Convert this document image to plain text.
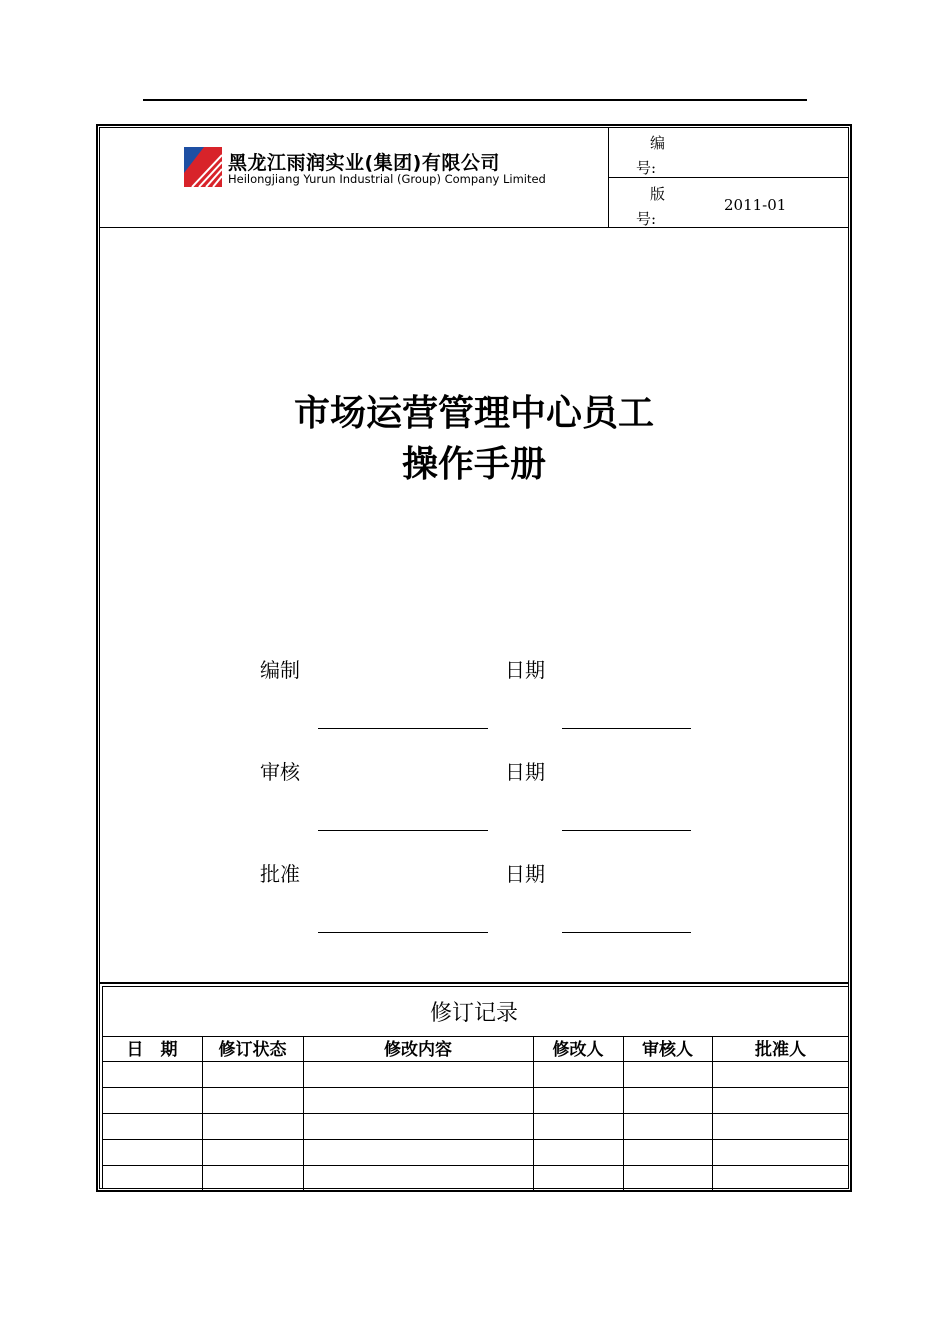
黑龙江雨润实业(集团)有限公司
Heilongjiang Yurun Industrial (Group) Company Limited
编
号:
版
号:
2011-01
市场运营管理中心员工
操作手册
编制	日期
审核	日期
批准	日期
修订记录
日　期	修订状态	修改内容	修改人	审核人	批准人
